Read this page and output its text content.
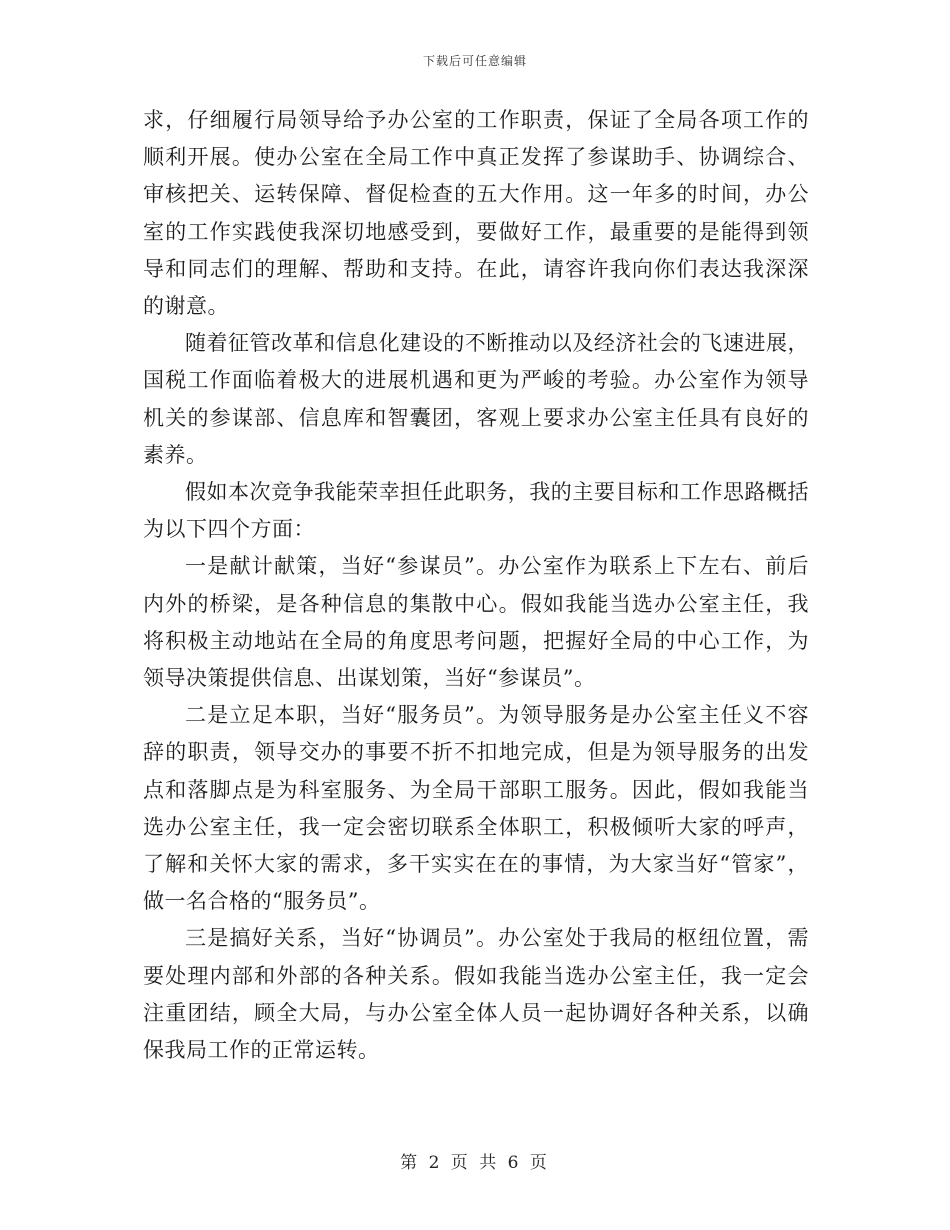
下载后可任意编辑

求，仔细履行局领导给予办公室的工作职责，保证了全局各项工作的顺利开展。使办公室在全局工作中真正发挥了参谋助手、协调综合、审核把关、运转保障、督促检查的五大作用。这一年多的时间，办公室的工作实践使我深切地感受到，要做好工作，最重要的是能得到领导和同志们的理解、帮助和支持。在此，请容许我向你们表达我深深的谢意。

随着征管改革和信息化建设的不断推动以及经济社会的飞速进展，国税工作面临着极大的进展机遇和更为严峻的考验。办公室作为领导机关的参谋部、信息库和智囊团，客观上要求办公室主任具有良好的素养。

假如本次竞争我能荣幸担任此职务，我的主要目标和工作思路概括为以下四个方面：

一是献计献策，当好“参谋员”。办公室作为联系上下左右、前后内外的桥梁，是各种信息的集散中心。假如我能当选办公室主任，我将积极主动地站在全局的角度思考问题，把握好全局的中心工作，为领导决策提供信息、出谋划策，当好“参谋员”。

二是立足本职，当好“服务员”。为领导服务是办公室主任义不容辞的职责，领导交办的事要不折不扣地完成，但是为领导服务的出发点和落脚点是为科室服务、为全局干部职工服务。因此，假如我能当选办公室主任，我一定会密切联系全体职工，积极倾听大家的呼声，了解和关怀大家的需求，多干实实在在的事情，为大家当好“管家”，做一名合格的“服务员”。

三是搞好关系，当好“协调员”。办公室处于我局的枢纽位置，需要处理内部和外部的各种关系。假如我能当选办公室主任，我一定会注重团结，顾全大局，与办公室全体人员一起协调好各种关系，以确保我局工作的正常运转。

第 2 页 共 6 页
